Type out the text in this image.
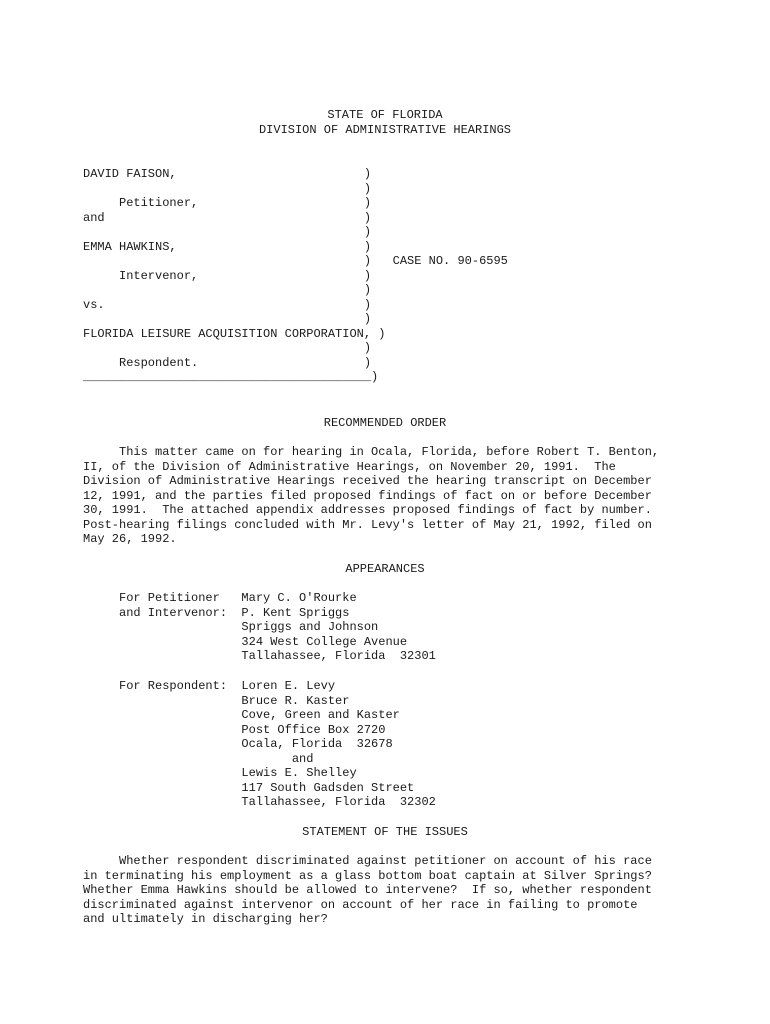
STATE OF FLORIDA
DIVISION OF ADMINISTRATIVE HEARINGS
DAVID FAISON,                          )
)
Petitioner,                       )
and                                    )
)
EMMA HAWKINS,                          )
)   CASE NO. 90-6595
Intervenor,                       )
)
vs.                                    )
)
FLORIDA LEISURE ACQUISITION CORPORATION, )
)
Respondent.                       )
________________________________________)
RECOMMENDED ORDER
This matter came on for hearing in Ocala, Florida, before Robert T. Benton,
II, of the Division of Administrative Hearings, on November 20, 1991.  The
Division of Administrative Hearings received the hearing transcript on December
12, 1991, and the parties filed proposed findings of fact on or before December
30, 1991.  The attached appendix addresses proposed findings of fact by number.
Post-hearing filings concluded with Mr. Levy's letter of May 21, 1992, filed on
May 26, 1992.
APPEARANCES
For Petitioner   Mary C. O'Rourke
and Intervenor:  P. Kent Spriggs
Spriggs and Johnson
324 West College Avenue
Tallahassee, Florida  32301
For Respondent:  Loren E. Levy
Bruce R. Kaster
Cove, Green and Kaster
Post Office Box 2720
Ocala, Florida  32678
and
Lewis E. Shelley
117 South Gadsden Street
Tallahassee, Florida  32302
STATEMENT OF THE ISSUES
Whether respondent discriminated against petitioner on account of his race
in terminating his employment as a glass bottom boat captain at Silver Springs?
Whether Emma Hawkins should be allowed to intervene?  If so, whether respondent
discriminated against intervenor on account of her race in failing to promote
and ultimately in discharging her?
